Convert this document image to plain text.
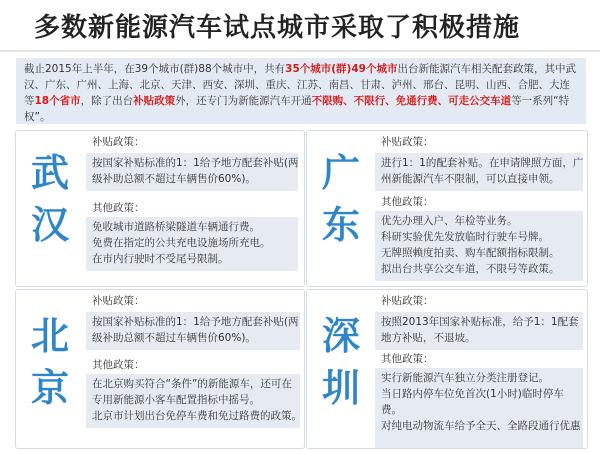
多数新能源汽车试点城市采取了积极措施
截止2015年上半年，在39个城市(群)88个城市中，共有35个城市(群)49个城市出台新能源汽车相关配套政策，其中武汉、广东、广州、上海、北京、天津、西安、深圳、重庆、江苏、南昌、甘肃、泸州、邢台、昆明、山西、合肥、大连等18个省市，除了出台补贴政策外，还专门为新能源汽车开通不限购、不限行、免通行费、可走公交车道等一系列“特权”。
武
汉
补贴政策：
按国家补贴标准的1：1给予地方配套补贴(两
级补助总额不超过车辆售价60%)。
其他政策：
免收城市道路桥梁隧道车辆通行费。
免费在指定的公共充电设施场所充电。
在市内行驶时不受尾号限制。
广
东
补贴政策：
进行1：1的配套补贴。在申请牌照方面，广
州新能源汽车不限制，可以直接申领。
其他政策：
优先办理入户、年检等业务。
科研实验优先发放临时行驶车号牌。
无牌照赖度拍卖、购车配额指标限制。
拟出台共享公交车道，不限号等政策。
北
京
补贴政策：
按国家补贴标准的1：1给予地方配套补贴(两
级补助总额不超过车辆售价60%)。
其他政策：
在北京购买符合“条件”的新能源车，还可在
专用新能源小客车配置指标中摇号。
北京市计划出台免停车费和免过路费的政策。
深
圳
补贴政策：
按照2013年国家补贴标准，给予1：1配套
地方补贴，不退坡。
其他政策：
实行新能源汽车独立分类注册登记。
当日路内停车位免首次(1小时)临时停车
费。
对纯电动物流车给予全天、全路段通行优惠
